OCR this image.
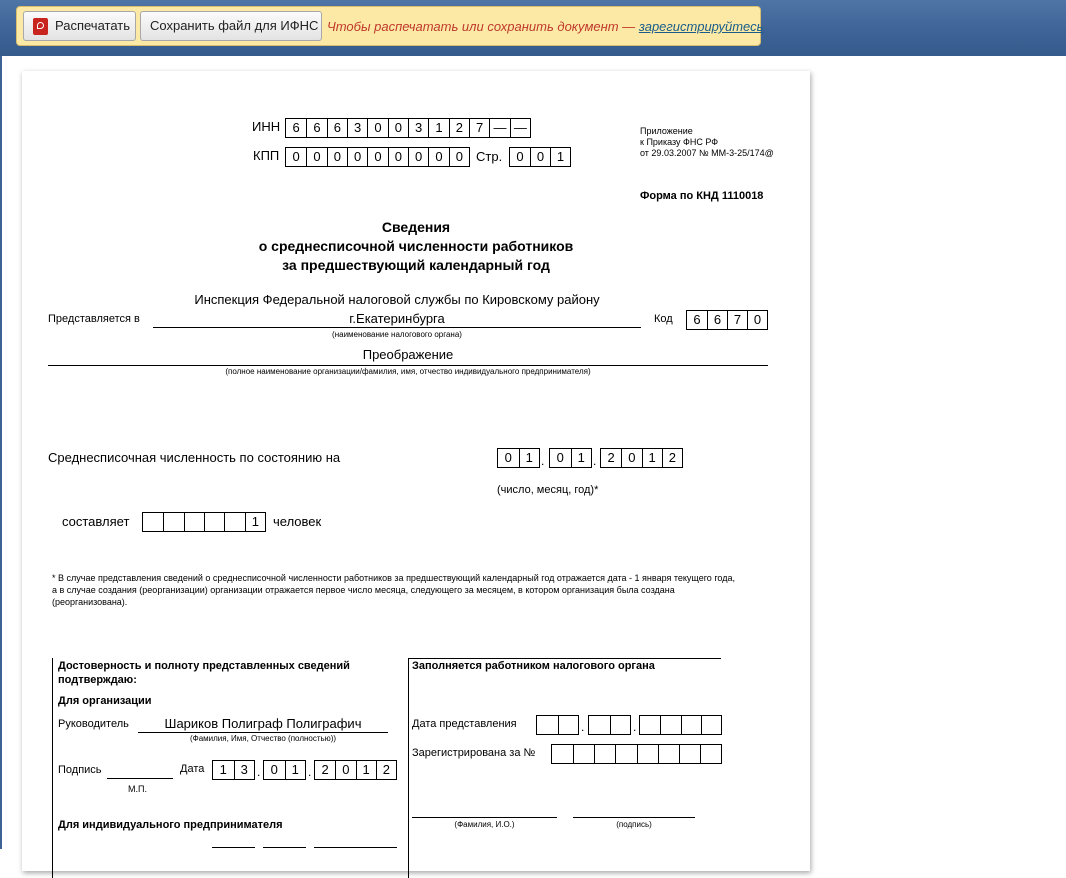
Распечатать	Сохранить файл для ИФНС Чтобы распечатать или сохранить документ — зарегистрируйтесь
ИНН 6	6	6	3	0	0	3	1	2	7 — —
КПП	0	0	0	0	0	0	0	0	0	Стр.	0	0 1
Приложение
к Приказу ФНС РФ
от 29.03.2007 № ММ-3-25/174@
Форма по КНД 1110018
Сведения
о среднесписочной численности работников
за предшествующий календарный год
Представляется в
Инспекция Федеральной налоговой службы по Кировскому району
г.Екатеринбурга
(наименование налогового органа)
Код	6	6 7 0
Преображение
(полное наименование организации/фамилия, имя, отчество индивидуального предпринимателя)
Среднесписочная численность по состоянию на	0	1 . 0	1 . 2	0	1	2
(число, месяц, год)*
составляет	1	человек
* В случае представления сведений о среднесписочной численности работников за предшествующий календарный год отражается дата - 1 января текущего года,
а в случае создания (реорганизации) организации отражается первое число месяца, следующего за месяцем, в котором организация была создана
(реорганизована).
Достоверность и полноту представленных сведений
подтверждаю:
Для организации
Руководитель	Шариков Полиграф Полиграфич
(Фамилия, Имя, Отчество (полностью))
Подпись	Дата	1	3 . 0	1 . 2	0	1	2
М.П.
Для индивидуального предпринимателя
Заполняется работником налогового органа
Дата представления	.	.
Зарегистрирована за №
(Фамилия, И.О.)	(подпись)
